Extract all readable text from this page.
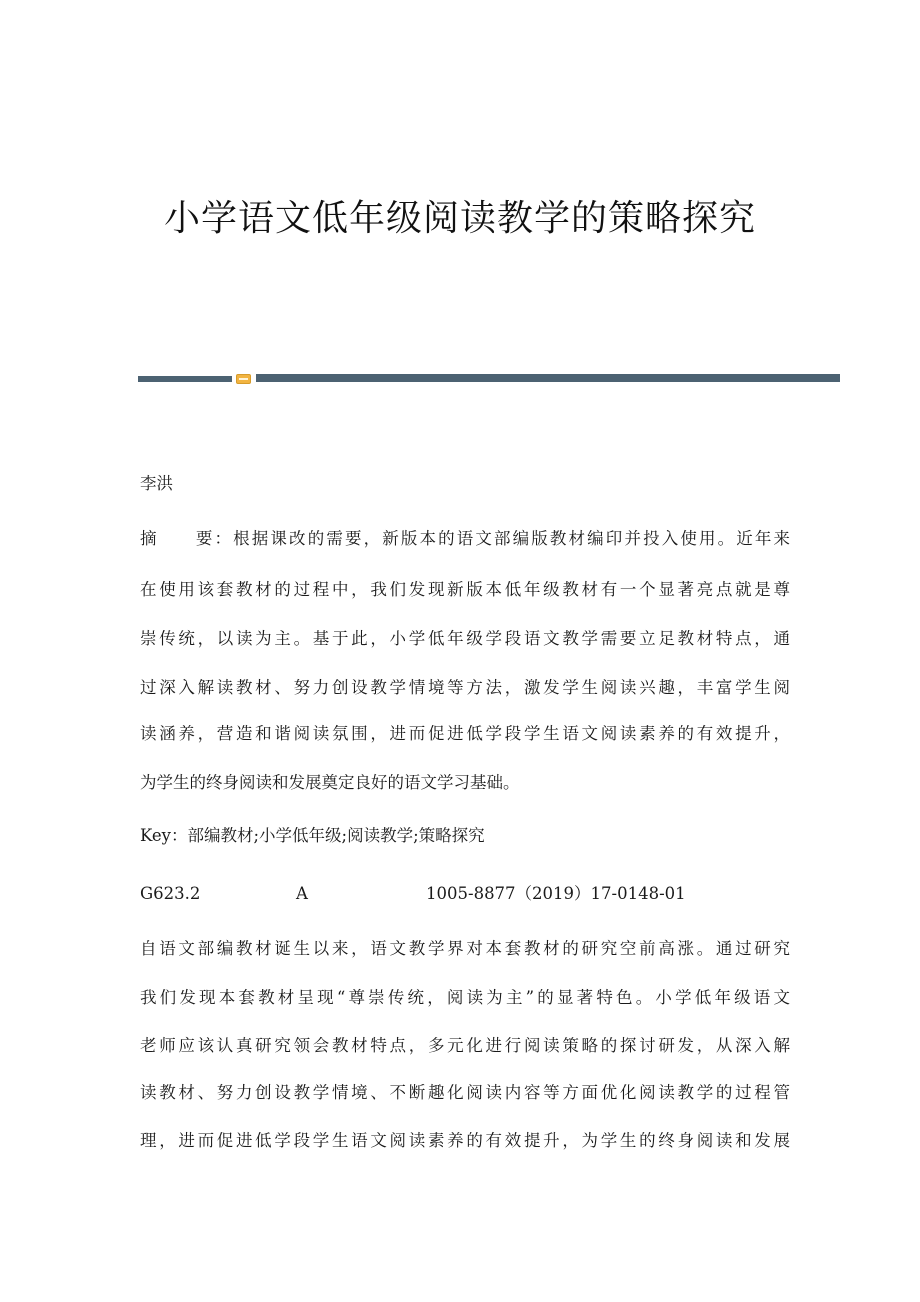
小学语文低年级阅读教学的策略探究
李洪
摘　　要：根据课改的需要，新版本的语文部编版教材编印并投入使用。近年来
在使用该套教材的过程中，我们发现新版本低年级教材有一个显著亮点就是尊
崇传统，以读为主。基于此，小学低年级学段语文教学需要立足教材特点，通
过深入解读教材、努力创设教学情境等方法，激发学生阅读兴趣，丰富学生阅
读涵养，营造和谐阅读氛围，进而促进低学段学生语文阅读素养的有效提升，
为学生的终身阅读和发展奠定良好的语文学习基础。
Key：部编教材;小学低年级;阅读教学;策略探究
G623.2	A	1005-8877（2019）17-0148-01
自语文部编教材诞生以来，语文教学界对本套教材的研究空前高涨。通过研究
我们发现本套教材呈现“尊崇传统，阅读为主”的显著特色。小学低年级语文
老师应该认真研究领会教材特点，多元化进行阅读策略的探讨研发，从深入解
读教材、努力创设教学情境、不断趣化阅读内容等方面优化阅读教学的过程管
理，进而促进低学段学生语文阅读素养的有效提升，为学生的终身阅读和发展
